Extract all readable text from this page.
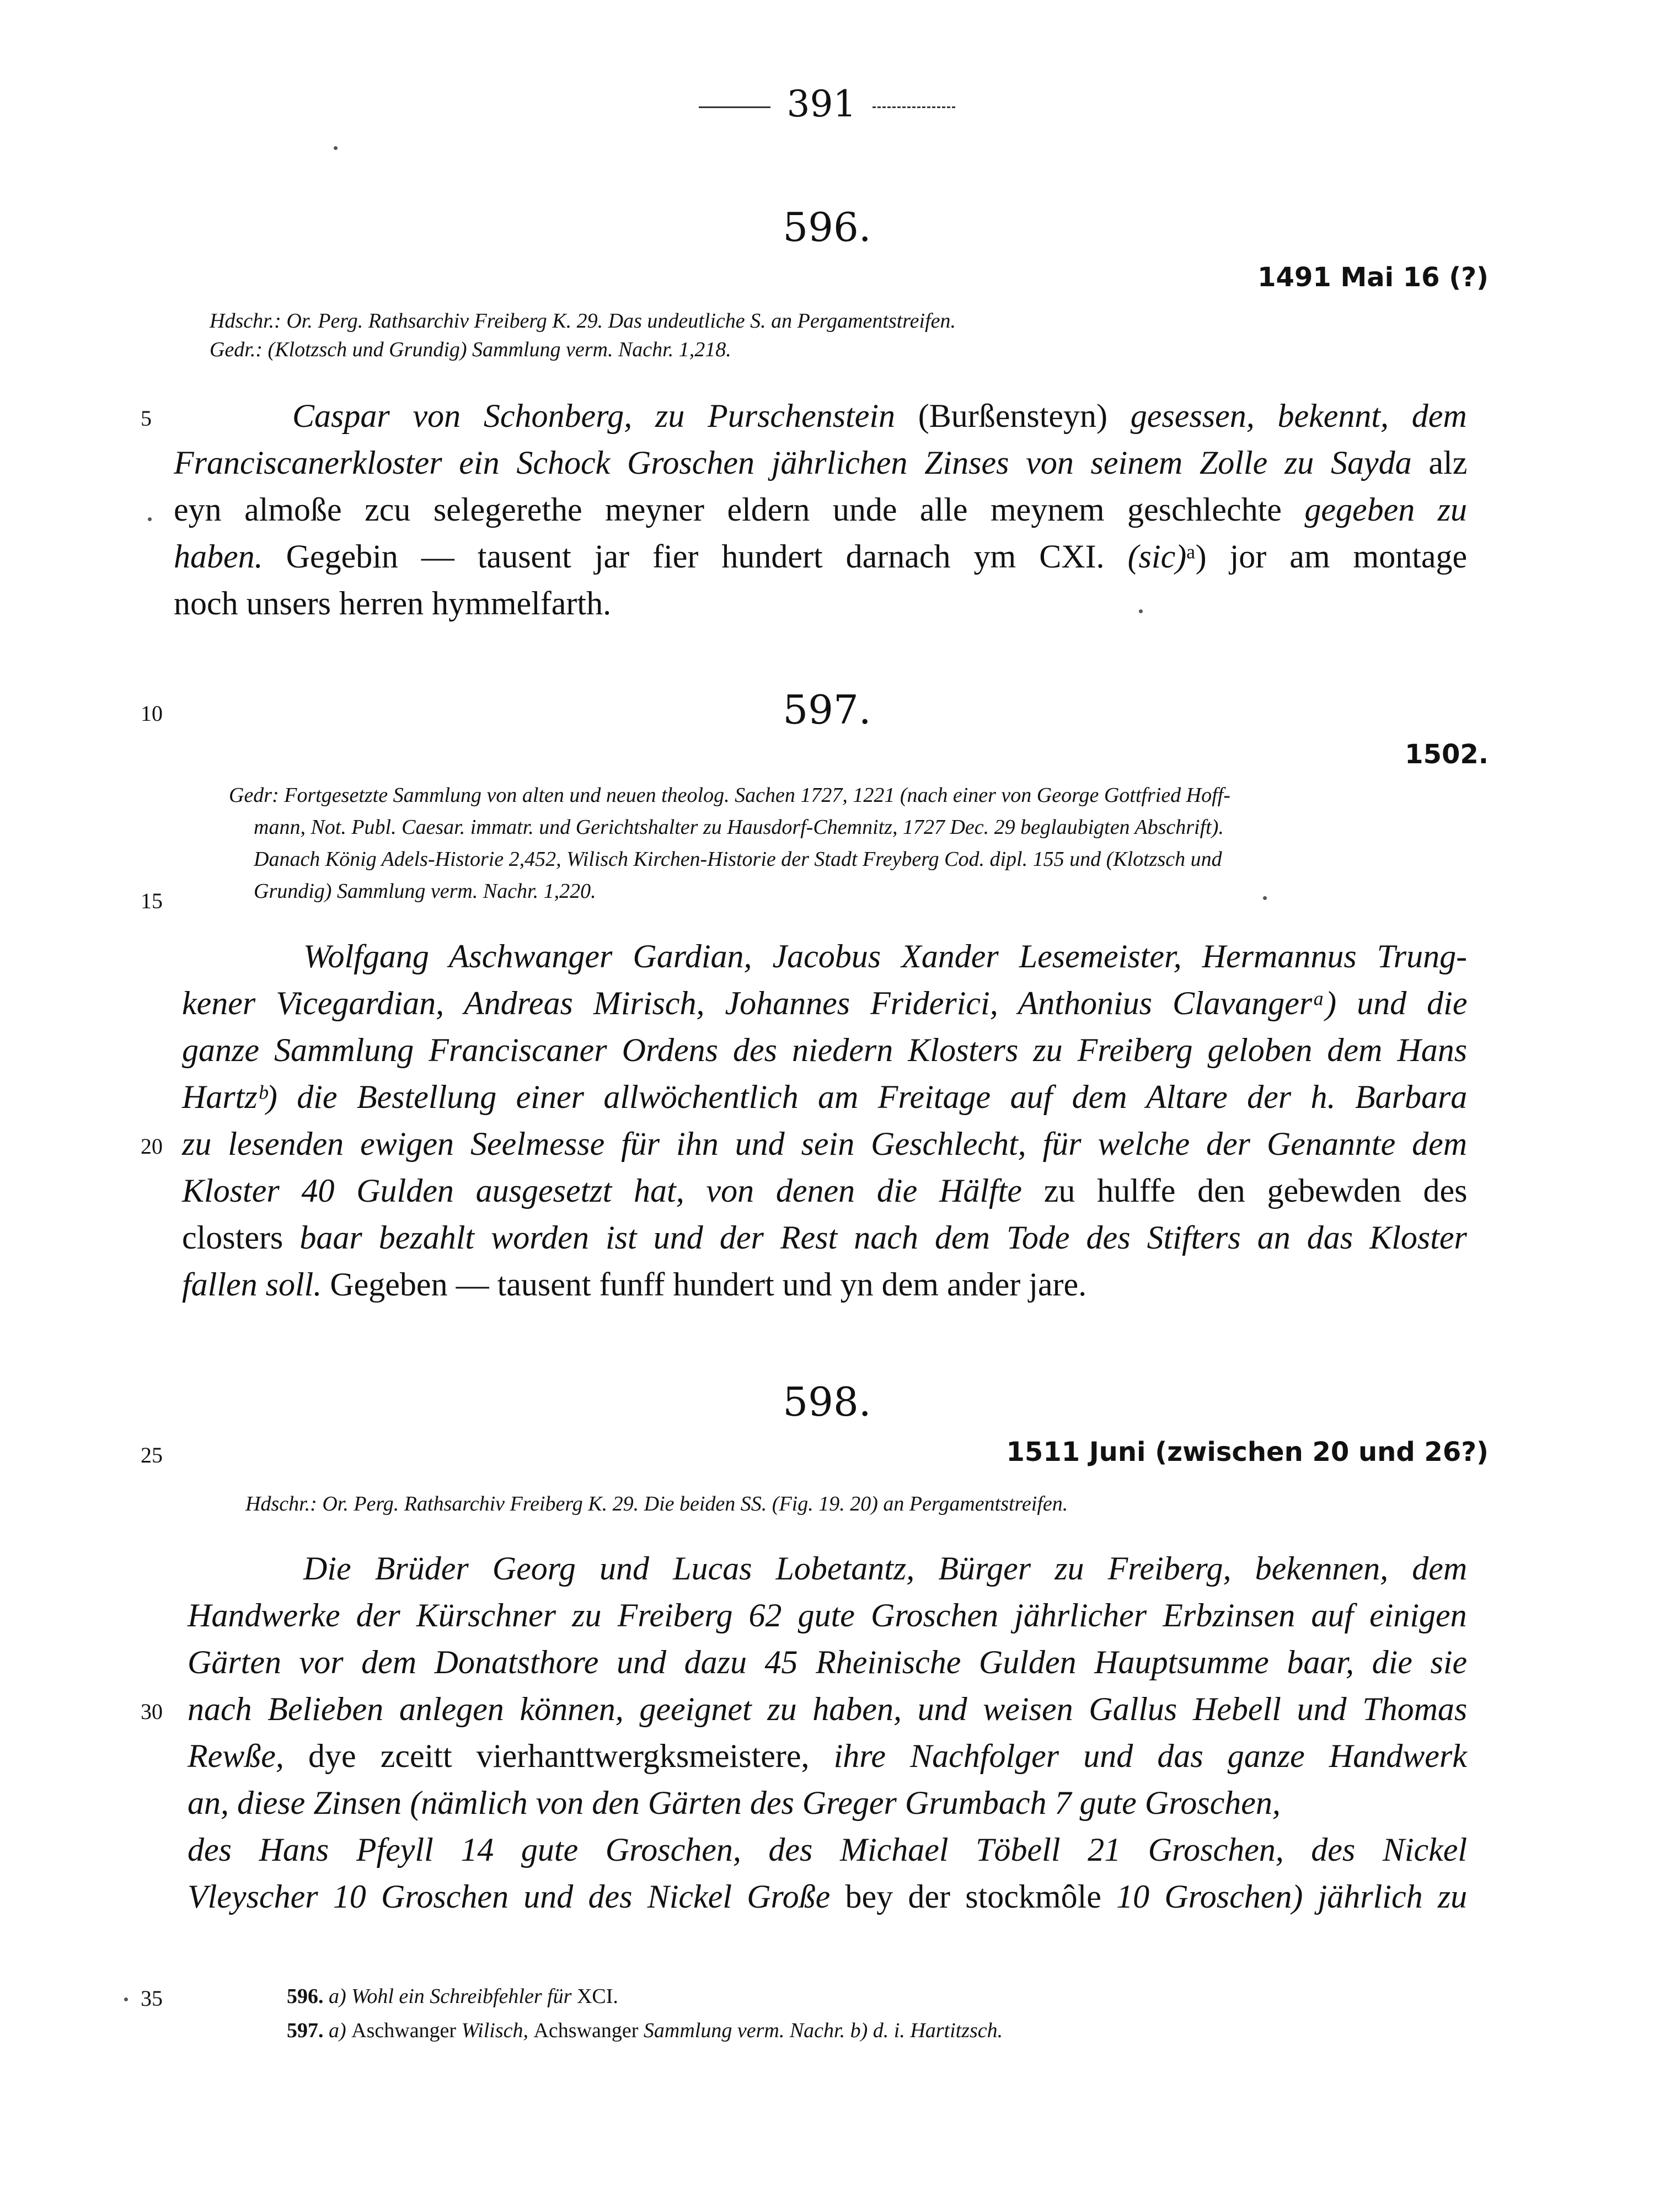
391
596.
1491 Mai 16 (?)
Hdschr.: Or. Perg. Rathsarchiv Freiberg K. 29. Das undeutliche S. an Pergamentstreifen.
Gedr.: (Klotzsch und Grundig) Sammlung verm. Nachr. 1,218.
Caspar von Schonberg, zu Purschenstein (Burßensteyn) gesessen, bekennt, dem
Franciscanerkloster ein Schock Groschen jährlichen Zinses von seinem Zolle zu Sayda alz
eyn almoße zcu selegerethe meyner eldern unde alle meynem geschlechte gegeben zu
haben. Gegebin — tausent jar fier hundert darnach ym CXI. (sic)ᵃ) jor am montage
noch unsers herren hymmelfarth.
597.
1502.
Gedr: Fortgesetzte Sammlung von alten und neuen theolog. Sachen 1727, 1221 (nach einer von George Gottfried Hoff-
mann, Not. Publ. Caesar. immatr. und Gerichtshalter zu Hausdorf-Chemnitz, 1727 Dec. 29 beglaubigten Abschrift).
Danach König Adels-Historie 2,452, Wilisch Kirchen-Historie der Stadt Freyberg Cod. dipl. 155 und (Klotzsch und
Grundig) Sammlung verm. Nachr. 1,220.
Wolfgang Aschwanger Gardian, Jacobus Xander Lesemeister, Hermannus Trung-
kener Vicegardian, Andreas Mirisch, Johannes Friderici, Anthonius Clavangerᵃ) und die
ganze Sammlung Franciscaner Ordens des niedern Klosters zu Freiberg geloben dem Hans
Hartzᵇ) die Bestellung einer allwöchentlich am Freitage auf dem Altare der h. Barbara
zu lesenden ewigen Seelmesse für ihn und sein Geschlecht, für welche der Genannte dem
Kloster 40 Gulden ausgesetzt hat, von denen die Hälfte zu hulffe den gebewden des
closters baar bezahlt worden ist und der Rest nach dem Tode des Stifters an das Kloster
fallen soll. Gegeben — tausent funff hundert und yn dem ander jare.
598.
1511 Juni (zwischen 20 und 26?)
Hdschr.: Or. Perg. Rathsarchiv Freiberg K. 29. Die beiden SS. (Fig. 19. 20) an Pergamentstreifen.
Die Brüder Georg und Lucas Lobetantz, Bürger zu Freiberg, bekennen, dem
Handwerke der Kürschner zu Freiberg 62 gute Groschen jährlicher Erbzinsen auf einigen
Gärten vor dem Donatsthore und dazu 45 Rheinische Gulden Hauptsumme baar, die sie
nach Belieben anlegen können, geeignet zu haben, und weisen Gallus Hebell und Thomas
Rewße, dye zceitt vierhanttwergksmeistere, ihre Nachfolger und das ganze Handwerk
an, diese Zinsen (nämlich von den Gärten des Greger Grumbach 7 gute Groschen,
des Hans Pfeyll 14 gute Groschen, des Michael Töbell 21 Groschen, des Nickel
Vleyscher 10 Groschen und des Nickel Große bey der stockmôle 10 Groschen) jährlich zu
5
10
15
20
25
30
35	596. a) Wohl ein Schreibfehler für XCI.
597. a) Aschwanger Wilisch, Achswanger Sammlung verm. Nachr. b) d. i. Hartitzsch.
